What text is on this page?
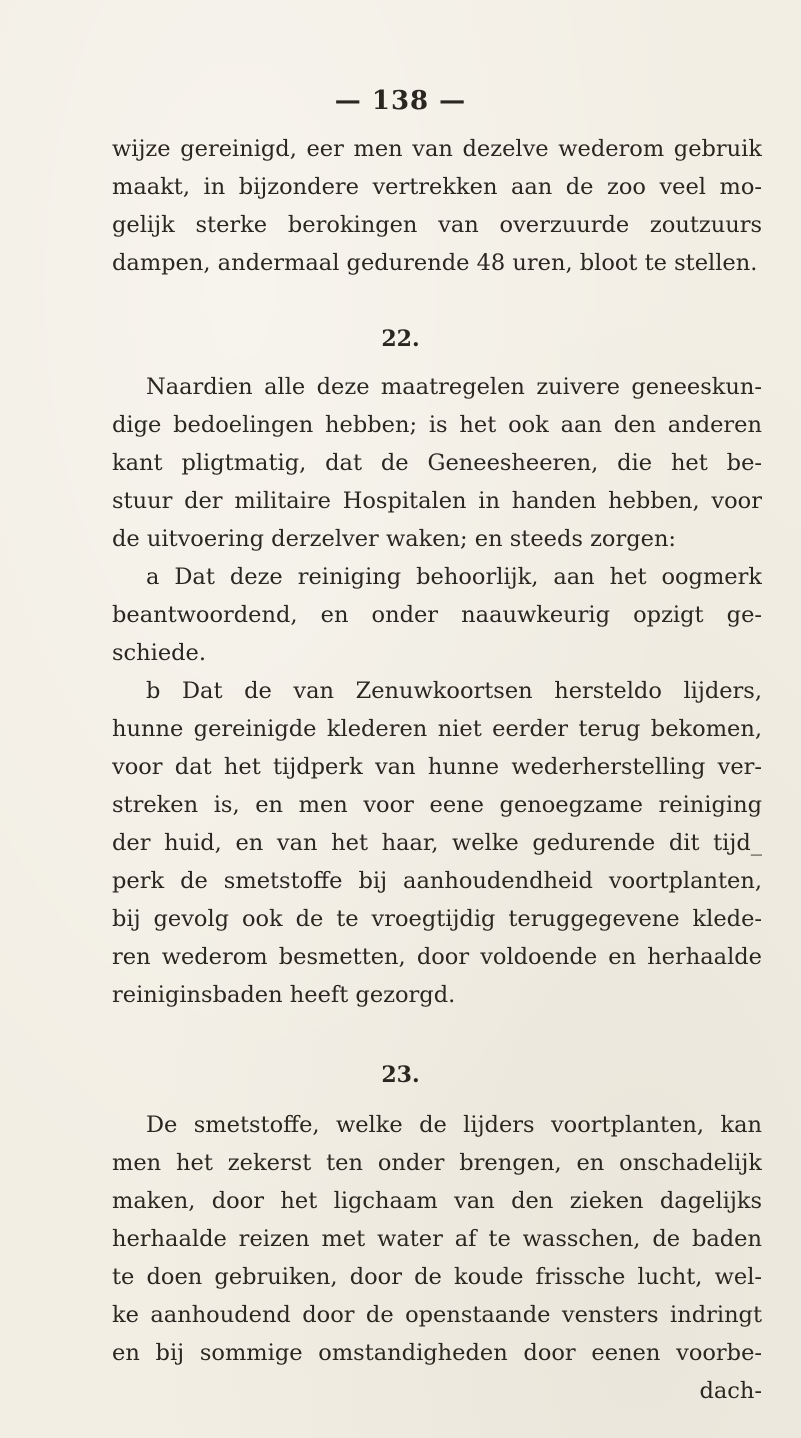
— 138 —
wijze gereinigd, eer men van dezelve wederom gebruik
maakt, in bijzondere vertrekken aan de zoo veel mo-
gelijk sterke berokingen van overzuurde zoutzuurs
dampen, andermaal gedurende 48 uren, bloot te stellen.
22.
Naardien alle deze maatregelen zuivere geneeskun-
dige bedoelingen hebben; is het ook aan den anderen
kant pligtmatig, dat de Geneesheeren, die het be-
stuur der militaire Hospitalen in handen hebben, voor
de uitvoering derzelver waken; en steeds zorgen:
a Dat deze reiniging behoorlijk, aan het oogmerk
beantwoordend, en onder naauwkeurig opzigt ge-
schiede.
b Dat de van Zenuwkoortsen hersteldo lijders,
hunne gereinigde klederen niet eerder terug bekomen,
voor dat het tijdperk van hunne wederherstelling ver-
streken is, en men voor eene genoegzame reiniging
der huid, en van het haar, welke gedurende dit tijd_
perk de smetstoffe bij aanhoudendheid voortplanten,
bij gevolg ook de te vroegtijdig teruggegevene klede-
ren wederom besmetten, door voldoende en herhaalde
reiniginsbaden heeft gezorgd.
23.
De smetstoffe, welke de lijders voortplanten, kan
men het zekerst ten onder brengen, en onschadelijk
maken, door het ligchaam van den zieken dagelijks
herhaalde reizen met water af te wasschen, de baden
te doen gebruiken, door de koude frissche lucht, wel-
ke aanhoudend door de openstaande vensters indringt
en bij sommige omstandigheden door eenen voorbe-
dach-
